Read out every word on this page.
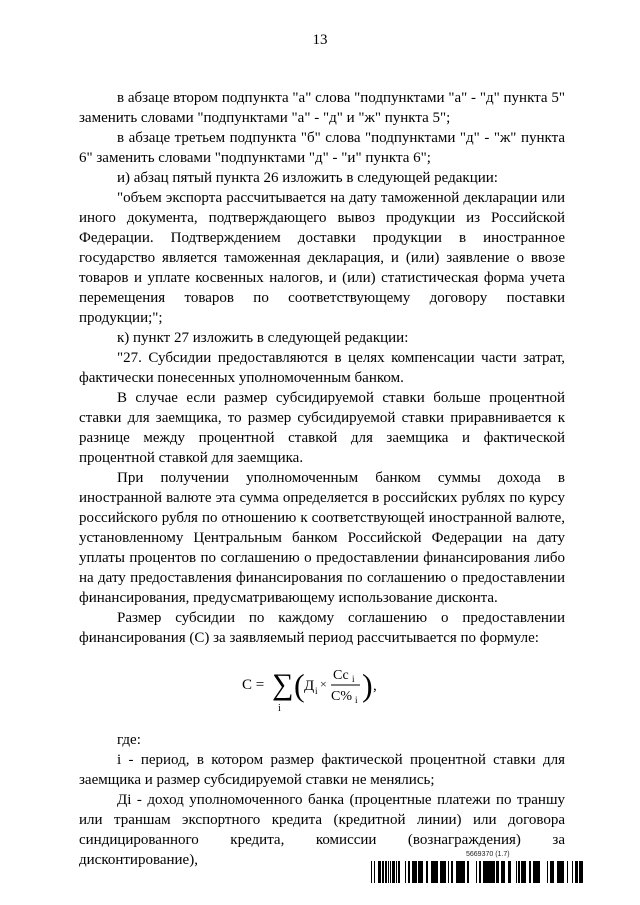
13

в абзаце втором подпункта "а" слова "подпунктами "а" - "д" пункта 5" заменить словами "подпунктами "а" - "д" и "ж" пункта 5";

в абзаце третьем подпункта "б" слова "подпунктами "д" - "ж" пункта 6" заменить словами "подпунктами "д" - "и" пункта 6";

и) абзац пятый пункта 26 изложить в следующей редакции:

"объем экспорта рассчитывается на дату таможенной декларации или иного документа, подтверждающего вывоз продукции из Российской Федерации. Подтверждением доставки продукции в иностранное государство является таможенная декларация, и (или) заявление о ввозе товаров и уплате косвенных налогов, и (или) статистическая форма учета перемещения товаров по соответствующему договору поставки продукции;";

к) пункт 27 изложить в следующей редакции:

"27. Субсидии предоставляются в целях компенсации части затрат, фактически понесенных уполномоченным банком.

В случае если размер субсидируемой ставки больше процентной ставки для заемщика, то размер субсидируемой ставки приравнивается к разнице между процентной ставкой для заемщика и фактической процентной ставкой для заемщика.

При получении уполномоченным банком суммы дохода в иностранной валюте эта сумма определяется в российских рублях по курсу российского рубля по отношению к соответствующей иностранной валюте, установленному Центральным банком Российской Федерации на дату уплаты процентов по соглашению о предоставлении финансирования либо на дату предоставления финансирования по соглашению о предоставлении финансирования, предусматривающему использование дисконта.

Размер субсидии по каждому соглашению о предоставлении финансирования (С) за заявляемый период рассчитывается по формуле:

С = ∑
i
( Д i ×
Сс i
С% i ) ,

где:

i - период, в котором размер фактической процентной ставки для заемщика и размер субсидируемой ставки не менялись;

Дi - доход уполномоченного банка (процентные платежи по траншу или траншам экспортного кредита (кредитной линии) или договора синдицированного кредита, комиссии (вознаграждения) за дисконтирование),	5669370 (1.7)
